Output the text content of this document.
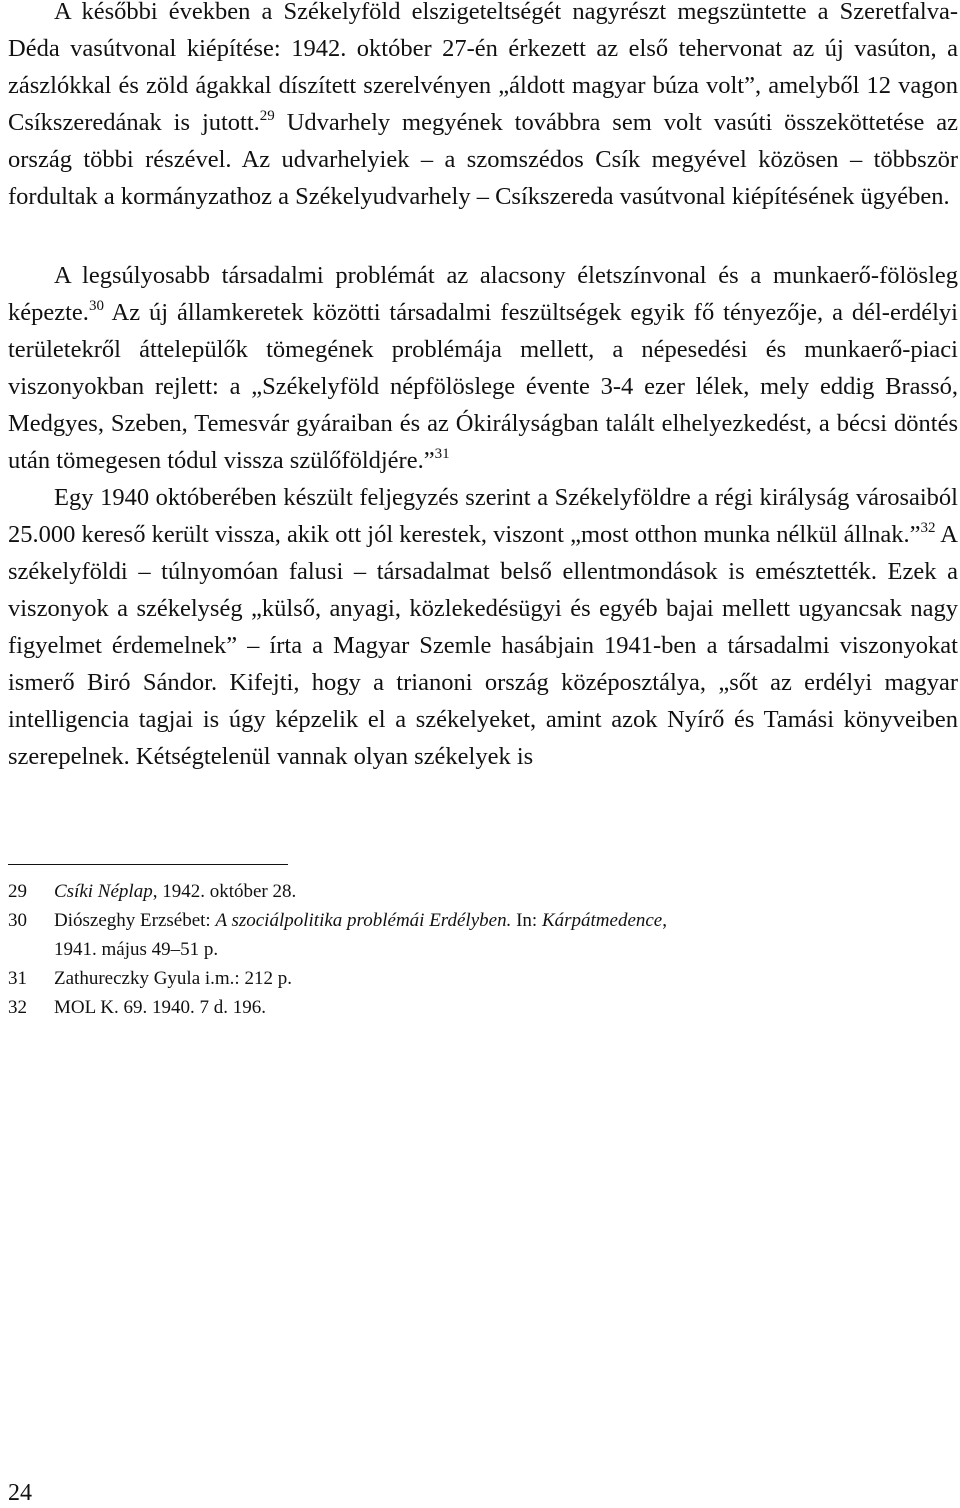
A későbbi években a Székelyföld elszigeteltségét nagyrészt megszüntette a Szeretfalva-Déda vasútvonal kiépítése: 1942. október 27-én érkezett az első tehervonat az új vasúton, a zászlókkal és zöld ágakkal díszített szerelvényen „áldott magyar búza volt”, amelyből 12 vagon Csíkszeredának is jutott.$^{29}$ Udvarhely megyének továbbra sem volt vasúti összeköttetése az ország többi részével. Az udvarhelyiek – a szomszédos Csík megyével közösen – többször fordultak a kormányzathoz a Székelyudvarhely – Csíkszereda vasútvonal kiépítésének ügyében.

A legsúlyosabb társadalmi problémát az alacsony életszínvonal és a munkaerő-fölösleg képezte.$^{30}$ Az új államkeretek közötti társadalmi feszültségek egyik fő tényezője, a dél-erdélyi területekről áttelepülők tömegének problémája mellett, a népesedési és munkaerő-piaci viszonyokban rejlett: a „Székelyföld népfölöslege évente 3-4 ezer lélek, mely eddig Brassó, Medgyes, Szeben, Temesvár gyáraiban és az Ókirályságban talált elhelyezkedést, a bécsi döntés után tömegesen tódul vissza szülőföldjére.”$^{31}$

Egy 1940 októberében készült feljegyzés szerint a Székelyföldre a régi királyság városaiból 25.000 kereső került vissza, akik ott jól kerestek, viszont „most otthon munka nélkül állnak.”$^{32}$ A székelyföldi – túlnyomóan falusi – társadalmat belső ellentmondások is emésztették. Ezek a viszonyok a székelység „külső, anyagi, közlekedésügyi és egyéb bajai mellett ugyancsak nagy figyelmet érdemelnek” – írta a Magyar Szemle hasábjain 1941-ben a társadalmi viszonyokat ismerő Biró Sándor. Kifejti, hogy a trianoni ország középosztálya, „sőt az erdélyi magyar intelligencia tagjai is úgy képzelik el a székelyeket, amint azok Nyírő és Tamási könyveiben szerepelnek. Kétségtelenül vannak olyan székelyek is

29	Csíki Néplap, 1942. október 28.
30	Diószeghy Erzsébet: A szociálpolitika problémái Erdélyben. In: Kárpátmedence,
1941. május 49–51 p.
31	Zathureczky Gyula i.m.: 212 p.
32	MOL K. 69. 1940. 7 d. 196.
24
